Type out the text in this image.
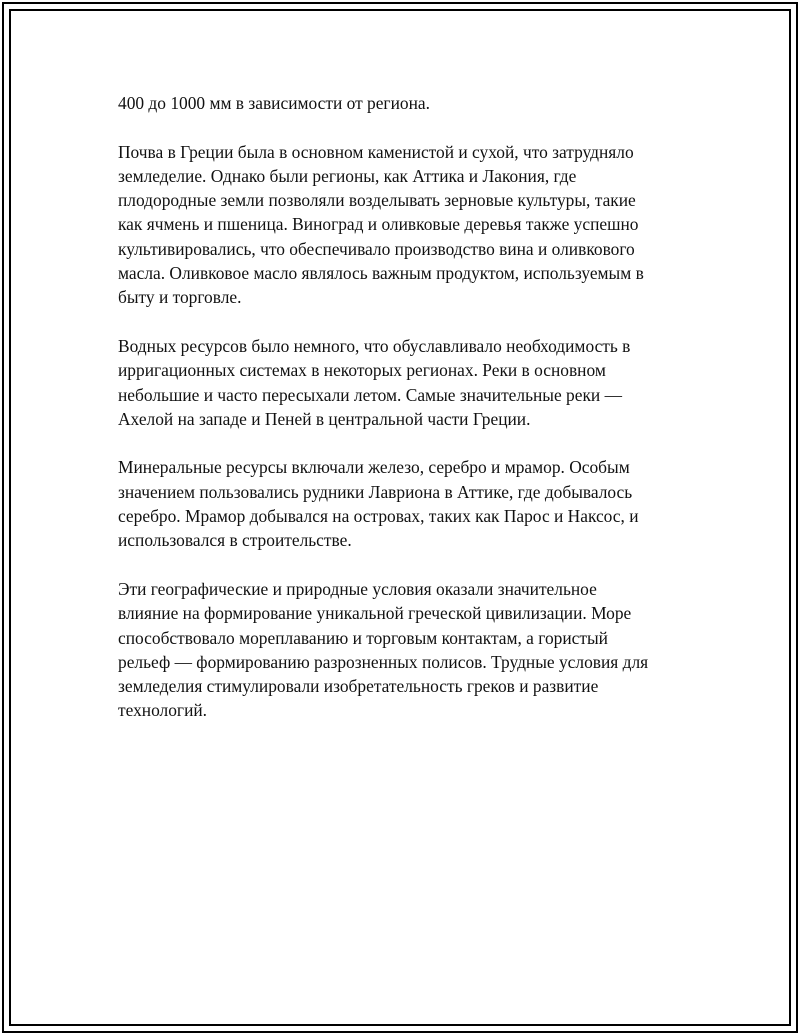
400 до 1000 мм в зависимости от региона.

Почва в Греции была в основном каменистой и сухой, что затрудняло
земледелие. Однако были регионы, как Аттика и Лакония, где
плодородные земли позволяли возделывать зерновые культуры, такие
как ячмень и пшеница. Виноград и оливковые деревья также успешно
культивировались, что обеспечивало производство вина и оливкового
масла. Оливковое масло являлось важным продуктом, используемым в
быту и торговле.

Водных ресурсов было немного, что обуславливало необходимость в
ирригационных системах в некоторых регионах. Реки в основном
небольшие и часто пересыхали летом. Самые значительные реки —
Ахелой на западе и Пеней в центральной части Греции.

Минеральные ресурсы включали железо, серебро и мрамор. Особым
значением пользовались рудники Лавриона в Аттике, где добывалось
серебро. Мрамор добывался на островах, таких как Парос и Наксос, и
использовался в строительстве.

Эти географические и природные условия оказали значительное
влияние на формирование уникальной греческой цивилизации. Море
способствовало мореплаванию и торговым контактам, а гористый
рельеф — формированию разрозненных полисов. Трудные условия для
земледелия стимулировали изобретательность греков и развитие
технологий.
